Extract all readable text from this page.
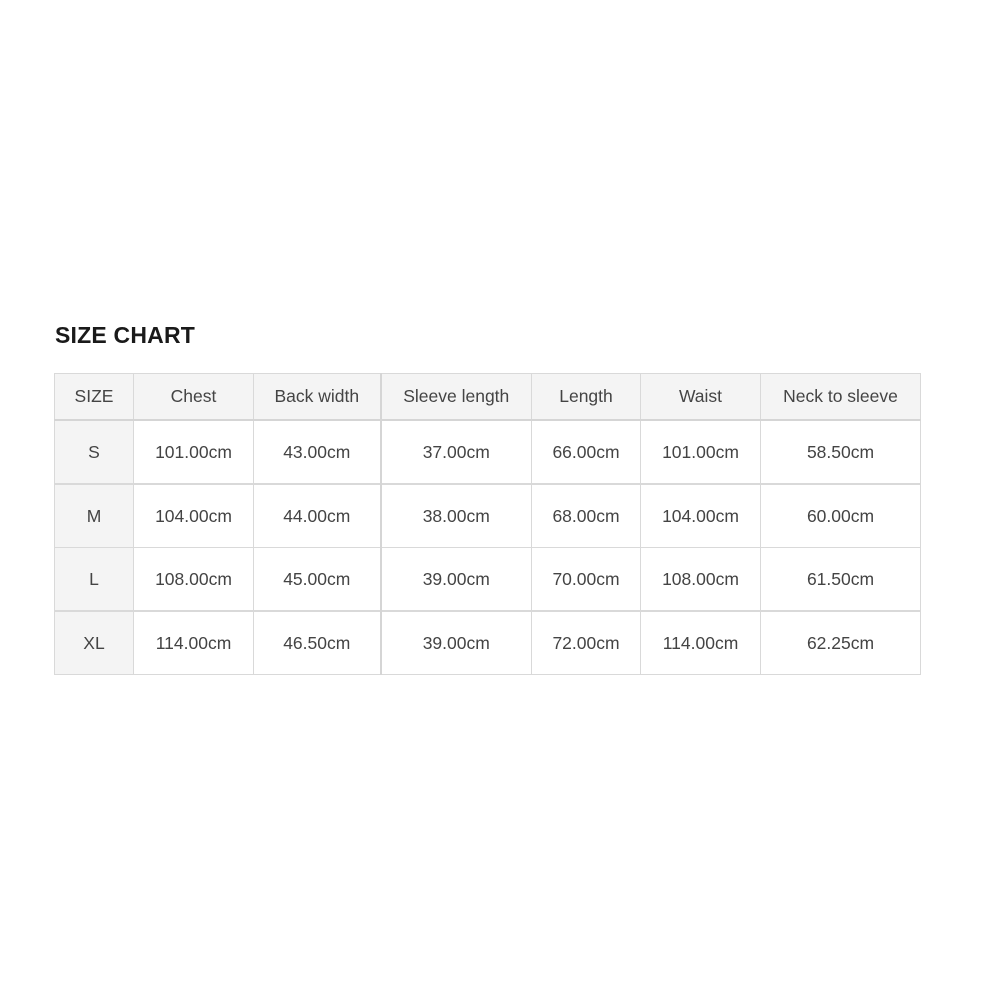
SIZE CHART
SIZE	Chest	Back width	Sleeve length	Length	Waist	Neck to sleeve
S	101.00cm	43.00cm	37.00cm	66.00cm	101.00cm	58.50cm
M	104.00cm	44.00cm	38.00cm	68.00cm	104.00cm	60.00cm
L	108.00cm	45.00cm	39.00cm	70.00cm	108.00cm	61.50cm
XL	114.00cm	46.50cm	39.00cm	72.00cm	114.00cm	62.25cm
